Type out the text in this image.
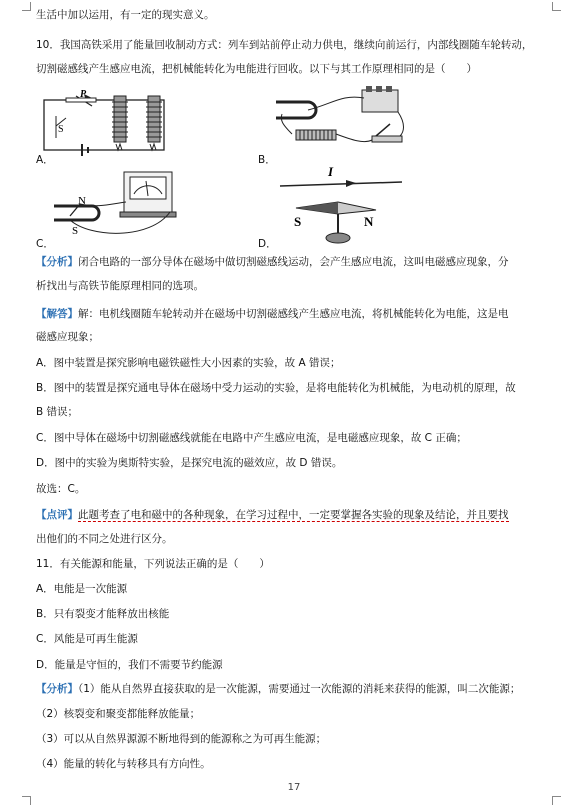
生活中加以运用，有一定的现实意义。
10．我国高铁采用了能量回收制动方式：列车到站前停止动力供电，继续向前运行，内部线圈随车轮转动，
切割磁感线产生感应电流，把机械能转化为电能进行回收。以下与其工作原理相同的是（　　）
P
S
A．	B．
N
S
C．
I
S	N
D．
【分析】闭合电路的一部分导体在磁场中做切割磁感线运动，会产生感应电流，这叫电磁感应现象，分
析找出与高铁节能原理相同的选项。
【解答】解：电机线圈随车轮转动并在磁场中切割磁感线产生感应电流，将机械能转化为电能，这是电
磁感应现象；
A．图中装置是探究影响电磁铁磁性大小因素的实验，故 A 错误；
B．图中的装置是探究通电导体在磁场中受力运动的实验，是将电能转化为机械能，为电动机的原理，故
B 错误；
C．图中导体在磁场中切割磁感线就能在电路中产生感应电流，是电磁感应现象，故 C 正确；
D．图中的实验为奥斯特实验，是探究电流的磁效应，故 D 错误。
故选：C。
【点评】此题考查了电和磁中的各种现象，在学习过程中，一定要掌握各实验的现象及结论，并且要找
出他们的不同之处进行区分。
11．有关能源和能量，下列说法正确的是（　　）
A．电能是一次能源
B．只有裂变才能释放出核能
C．风能是可再生能源
D．能量是守恒的，我们不需要节约能源
【分析】（1）能从自然界直接获取的是一次能源，需要通过一次能源的消耗来获得的能源，叫二次能源；
（2）核裂变和聚变都能释放能量；
（3）可以从自然界源源不断地得到的能源称之为可再生能源；
（4）能量的转化与转移具有方向性。
17
